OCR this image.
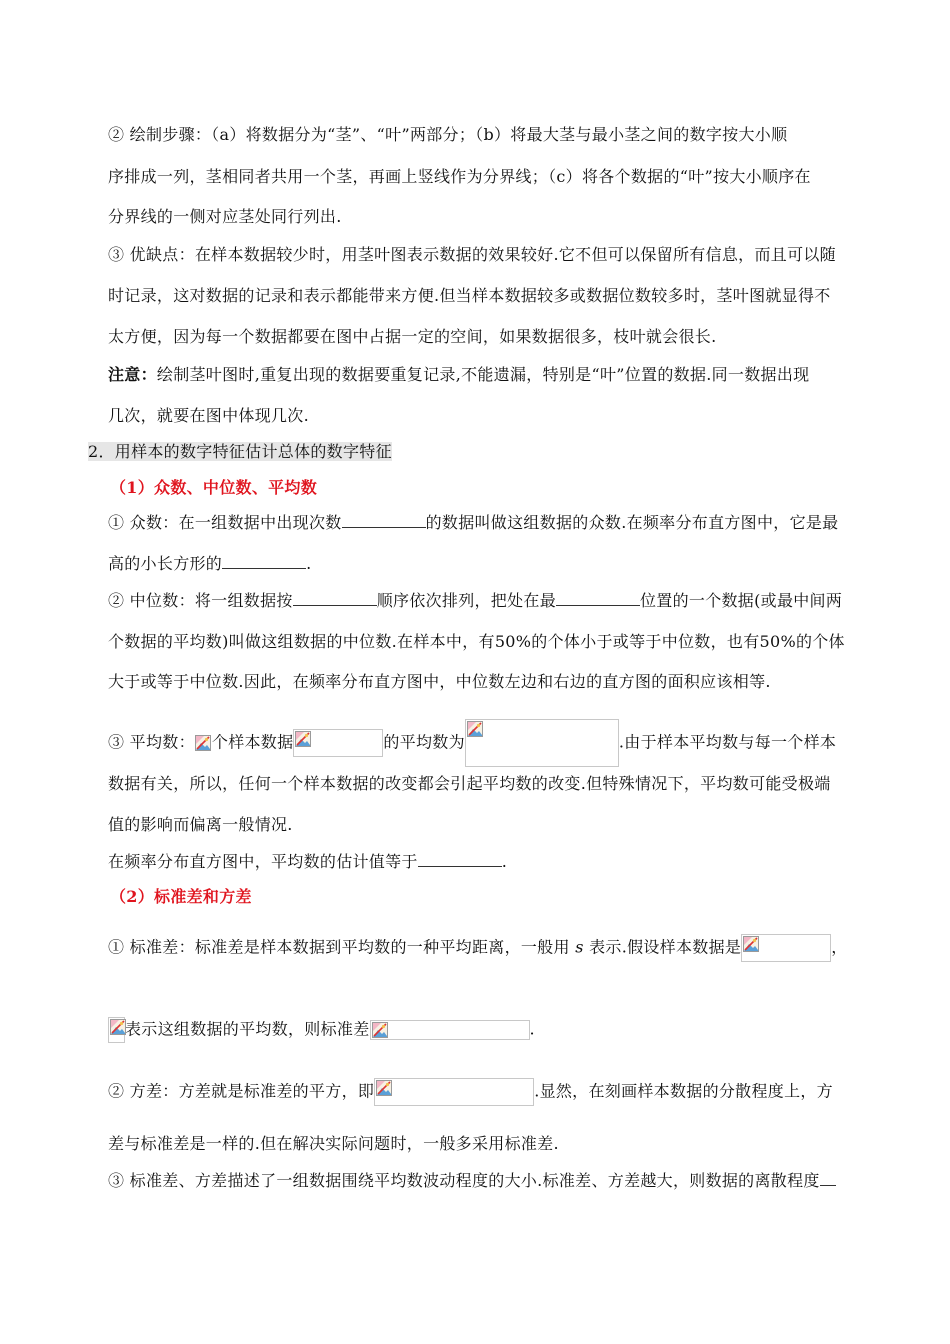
② 绘制步骤：（a）将数据分为“茎”、“叶”两部分；（b）将最大茎与最小茎之间的数字按大小顺
序排成一列，茎相同者共用一个茎，再画上竖线作为分界线；（c）将各个数据的“叶”按大小顺序在
分界线的一侧对应茎处同行列出.
③ 优缺点：在样本数据较少时，用茎叶图表示数据的效果较好.它不但可以保留所有信息，而且可以随
时记录，这对数据的记录和表示都能带来方便.但当样本数据较多或数据位数较多时，茎叶图就显得不
太方便，因为每一个数据都要在图中占据一定的空间，如果数据很多，枝叶就会很长.
注意：绘制茎叶图时,重复出现的数据要重复记录,不能遗漏，特别是“叶”位置的数据.同一数据出现
几次，就要在图中体现几次.
2．用样本的数字特征估计总体的数字特征
（1）众数、中位数、平均数
① 众数：在一组数据中出现次数	的数据叫做这组数据的众数.在频率分布直方图中，它是最
高的小长方形的	.
② 中位数：将一组数据按	顺序依次排列，把处在最	位置的一个数据(或最中间两
个数据的平均数)叫做这组数据的中位数.在样本中，有50%的个体小于或等于中位数，也有50%的个体
大于或等于中位数.因此，在频率分布直方图中，中位数左边和右边的直方图的面积应该相等.
③ 平均数： 个样本数据	的平均数为	.由于样本平均数与每一个样本
数据有关，所以，任何一个样本数据的改变都会引起平均数的改变.但特殊情况下，平均数可能受极端
值的影响而偏离一般情况.
在频率分布直方图中，平均数的估计值等于	.
（2）标准差和方差
① 标准差：标准差是样本数据到平均数的一种平均距离，一般用 s 表示.假设样本数据是	，
表示这组数据的平均数，则标准差	.
② 方差：方差就是标准差的平方，即	.显然，在刻画样本数据的分散程度上，方
差与标准差是一样的.但在解决实际问题时，一般多采用标准差.
③ 标准差、方差描述了一组数据围绕平均数波动程度的大小.标准差、方差越大，则数据的离散程度
